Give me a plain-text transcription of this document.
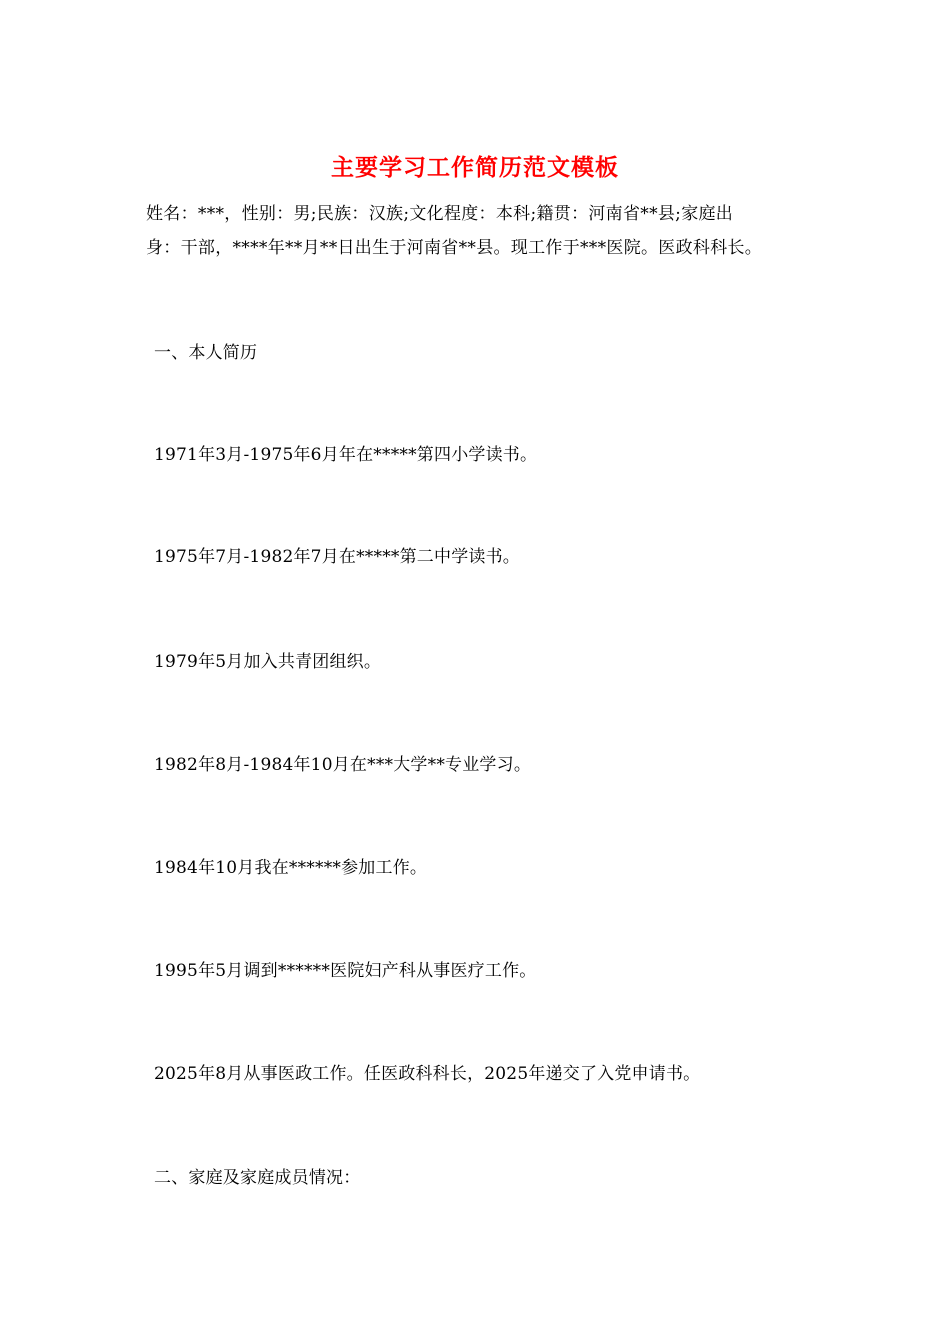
主要学习工作简历范文模板

姓名：***，性别：男;民族：汉族;文化程度：本科;籍贯：河南省**县;家庭出

身：干部，****年**月**日出生于河南省**县。现工作于***医院。医政科科长。

一、本人简历

1971年3月-1975年6月年在*****第四小学读书。

1975年7月-1982年7月在*****第二中学读书。

1979年5月加入共青团组织。

1982年8月-1984年10月在***大学**专业学习。

1984年10月我在******参加工作。

1995年5月调到******医院妇产科从事医疗工作。

2025年8月从事医政工作。任医政科科长，2025年递交了入党申请书。

二、家庭及家庭成员情况：
